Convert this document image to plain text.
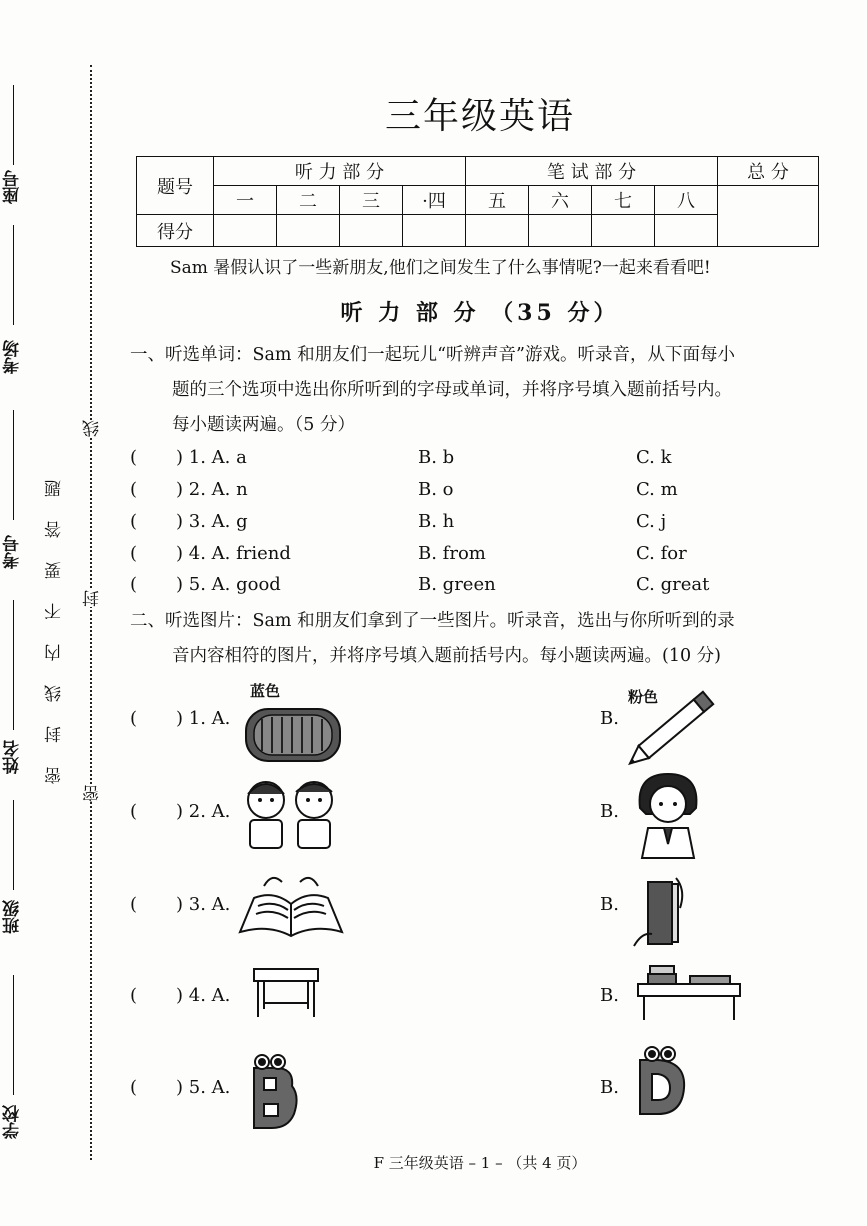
座号
考场
考号
姓名
班级
学校
密封线内不要答题
线
封
密
三年级英语
题号	听 力 部 分				笔 试 部 分				总 分
	一	二	三	·四	五	六	七	八	
得分									
Sam 暑假认识了一些新朋友,他们之间发生了什么事情呢?一起来看看吧!
听 力 部 分 （35 分）
一、听选单词：Sam 和朋友们一起玩儿“听辨声音”游戏。听录音，从下面每小
题的三个选项中选出你所听到的字母或单词，并将序号填入题前括号内。
每小题读两遍。（5 分）
( ) 1. A. a	B. b	C. k
( ) 2. A. n	B. o	C. m
( ) 3. A. g	B. h	C. j
( ) 4. A. friend	B. from	C. for
( ) 5. A. good	B. green	C. great
二、听选图片：Sam 和朋友们拿到了一些图片。听录音，选出与你所听到的录
音内容相符的图片，并将序号填入题前括号内。每小题读两遍。(10 分)
( ) 1. A.	B.
蓝色	粉色
( ) 2. A.	B.
( ) 3. A.	B.
( ) 4. A.	B.
( ) 5. A.	B.
F 三年级英语 – 1 – （共 4 页）
